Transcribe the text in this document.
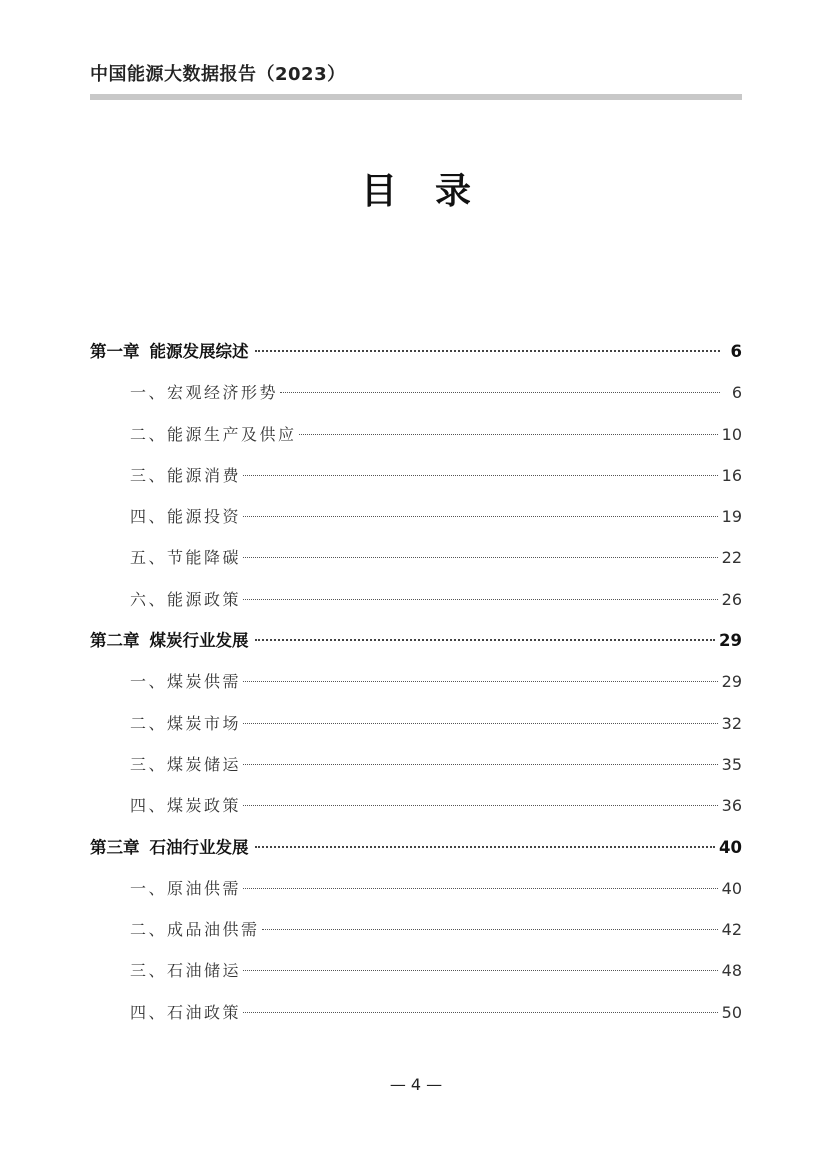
中国能源大数据报告（2023）
目录
第一章 能源发展综述	6
一、宏观经济形势	6
二、能源生产及供应	10
三、能源消费	16
四、能源投资	19
五、节能降碳	22
六、能源政策	26
第二章 煤炭行业发展	29
一、煤炭供需	29
二、煤炭市场	32
三、煤炭储运	35
四、煤炭政策	36
第三章 石油行业发展	40
一、原油供需	40
二、成品油供需	42
三、石油储运	48
四、石油政策	50
— 4 —
